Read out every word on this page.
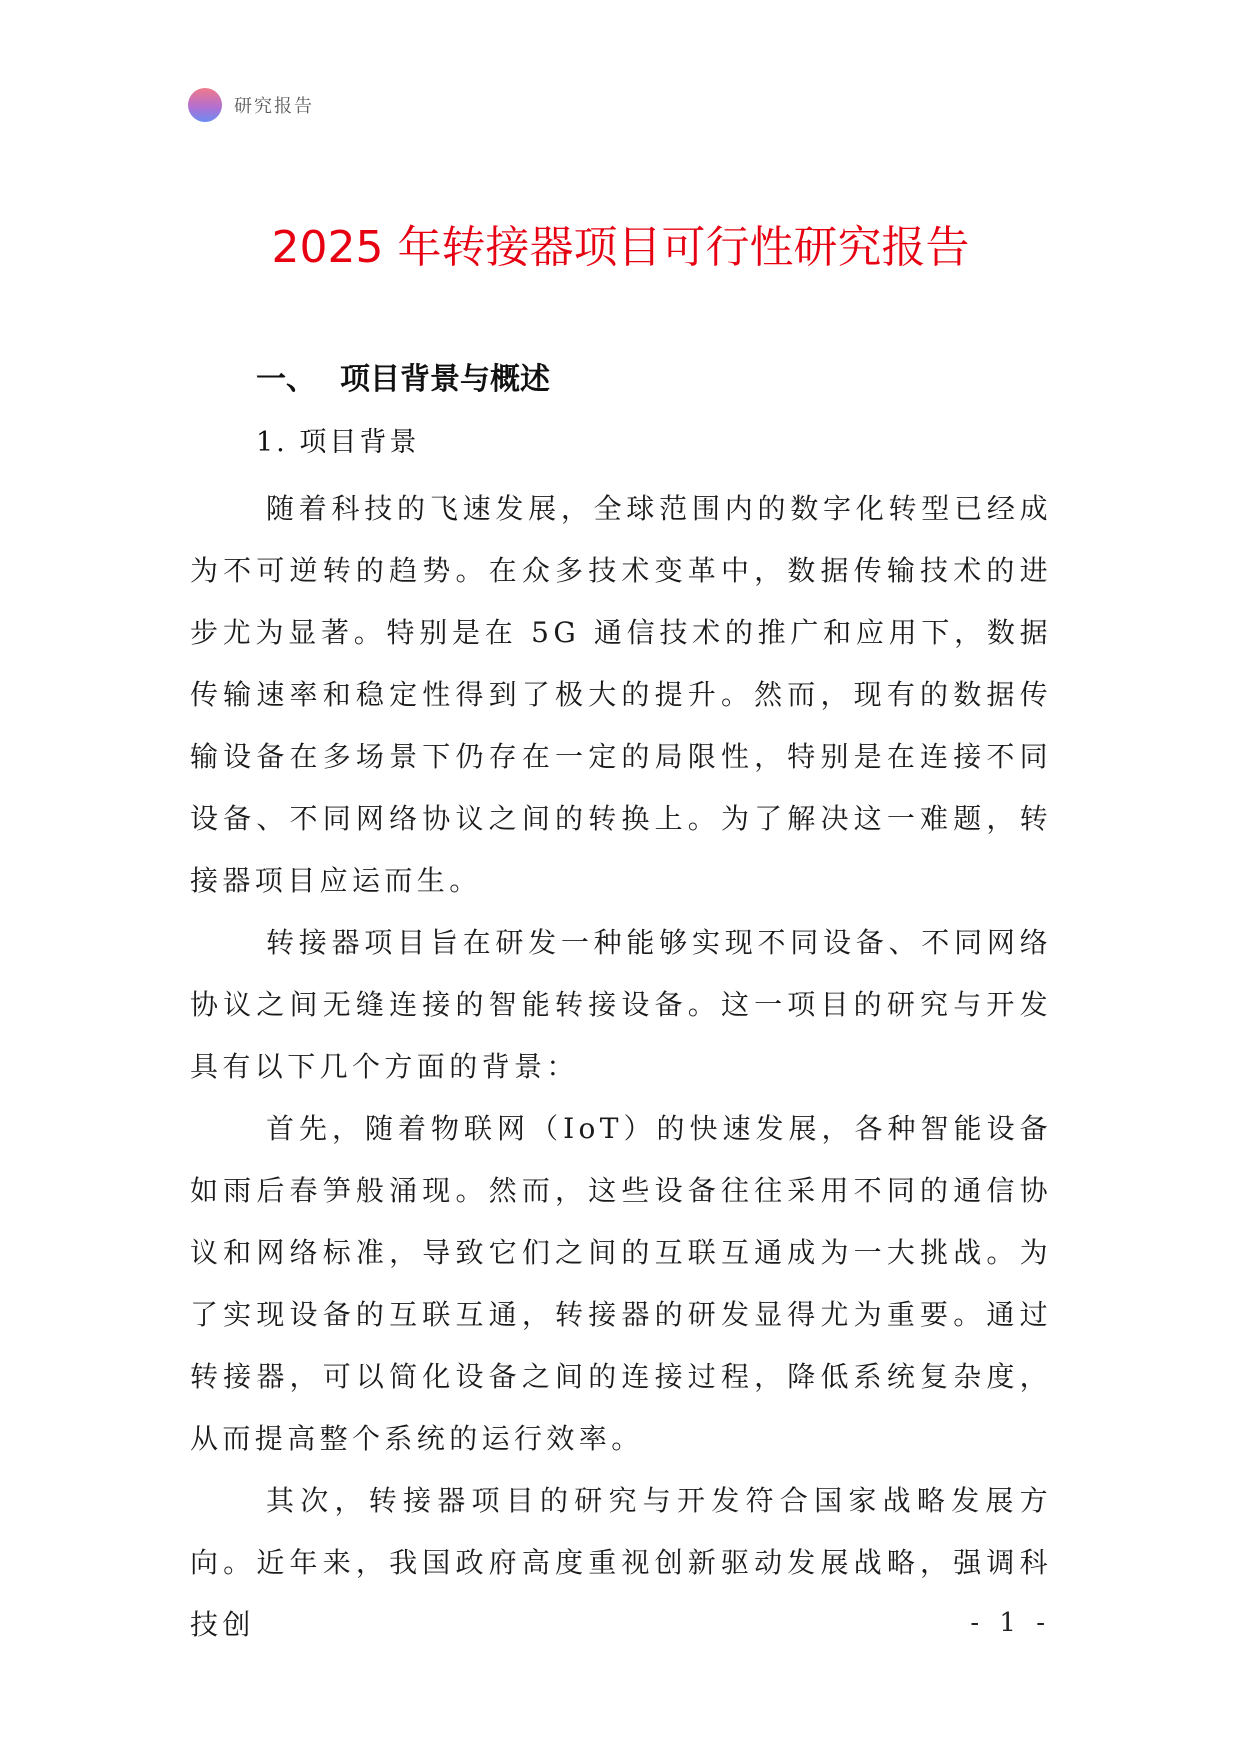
研究报告
2025 年转接器项目可行性研究报告
一、 项目背景与概述
1. 项目背景

随着科技的飞速发展，全球范围内的数字化转型已经成为不可逆转的趋势。在众多技术变革中，数据传输技术的进步尤为显著。特别是在 5G 通信技术的推广和应用下，数据传输速率和稳定性得到了极大的提升。然而，现有的数据传输设备在多场景下仍存在一定的局限性，特别是在连接不同设备、不同网络协议之间的转换上。为了解决这一难题，转接器项目应运而生。

转接器项目旨在研发一种能够实现不同设备、不同网络协议之间无缝连接的智能转接设备。这一项目的研究与开发具有以下几个方面的背景：

首先，随着物联网（IoT）的快速发展，各种智能设备如雨后春笋般涌现。然而，这些设备往往采用不同的通信协议和网络标准，导致它们之间的互联互通成为一大挑战。为了实现设备的互联互通，转接器的研发显得尤为重要。通过转接器，可以简化设备之间的连接过程，降低系统复杂度，从而提高整个系统的运行效率。

其次，转接器项目的研究与开发符合国家战略发展方向。近年来，我国政府高度重视创新驱动发展战略，强调科技创	- 1 -
